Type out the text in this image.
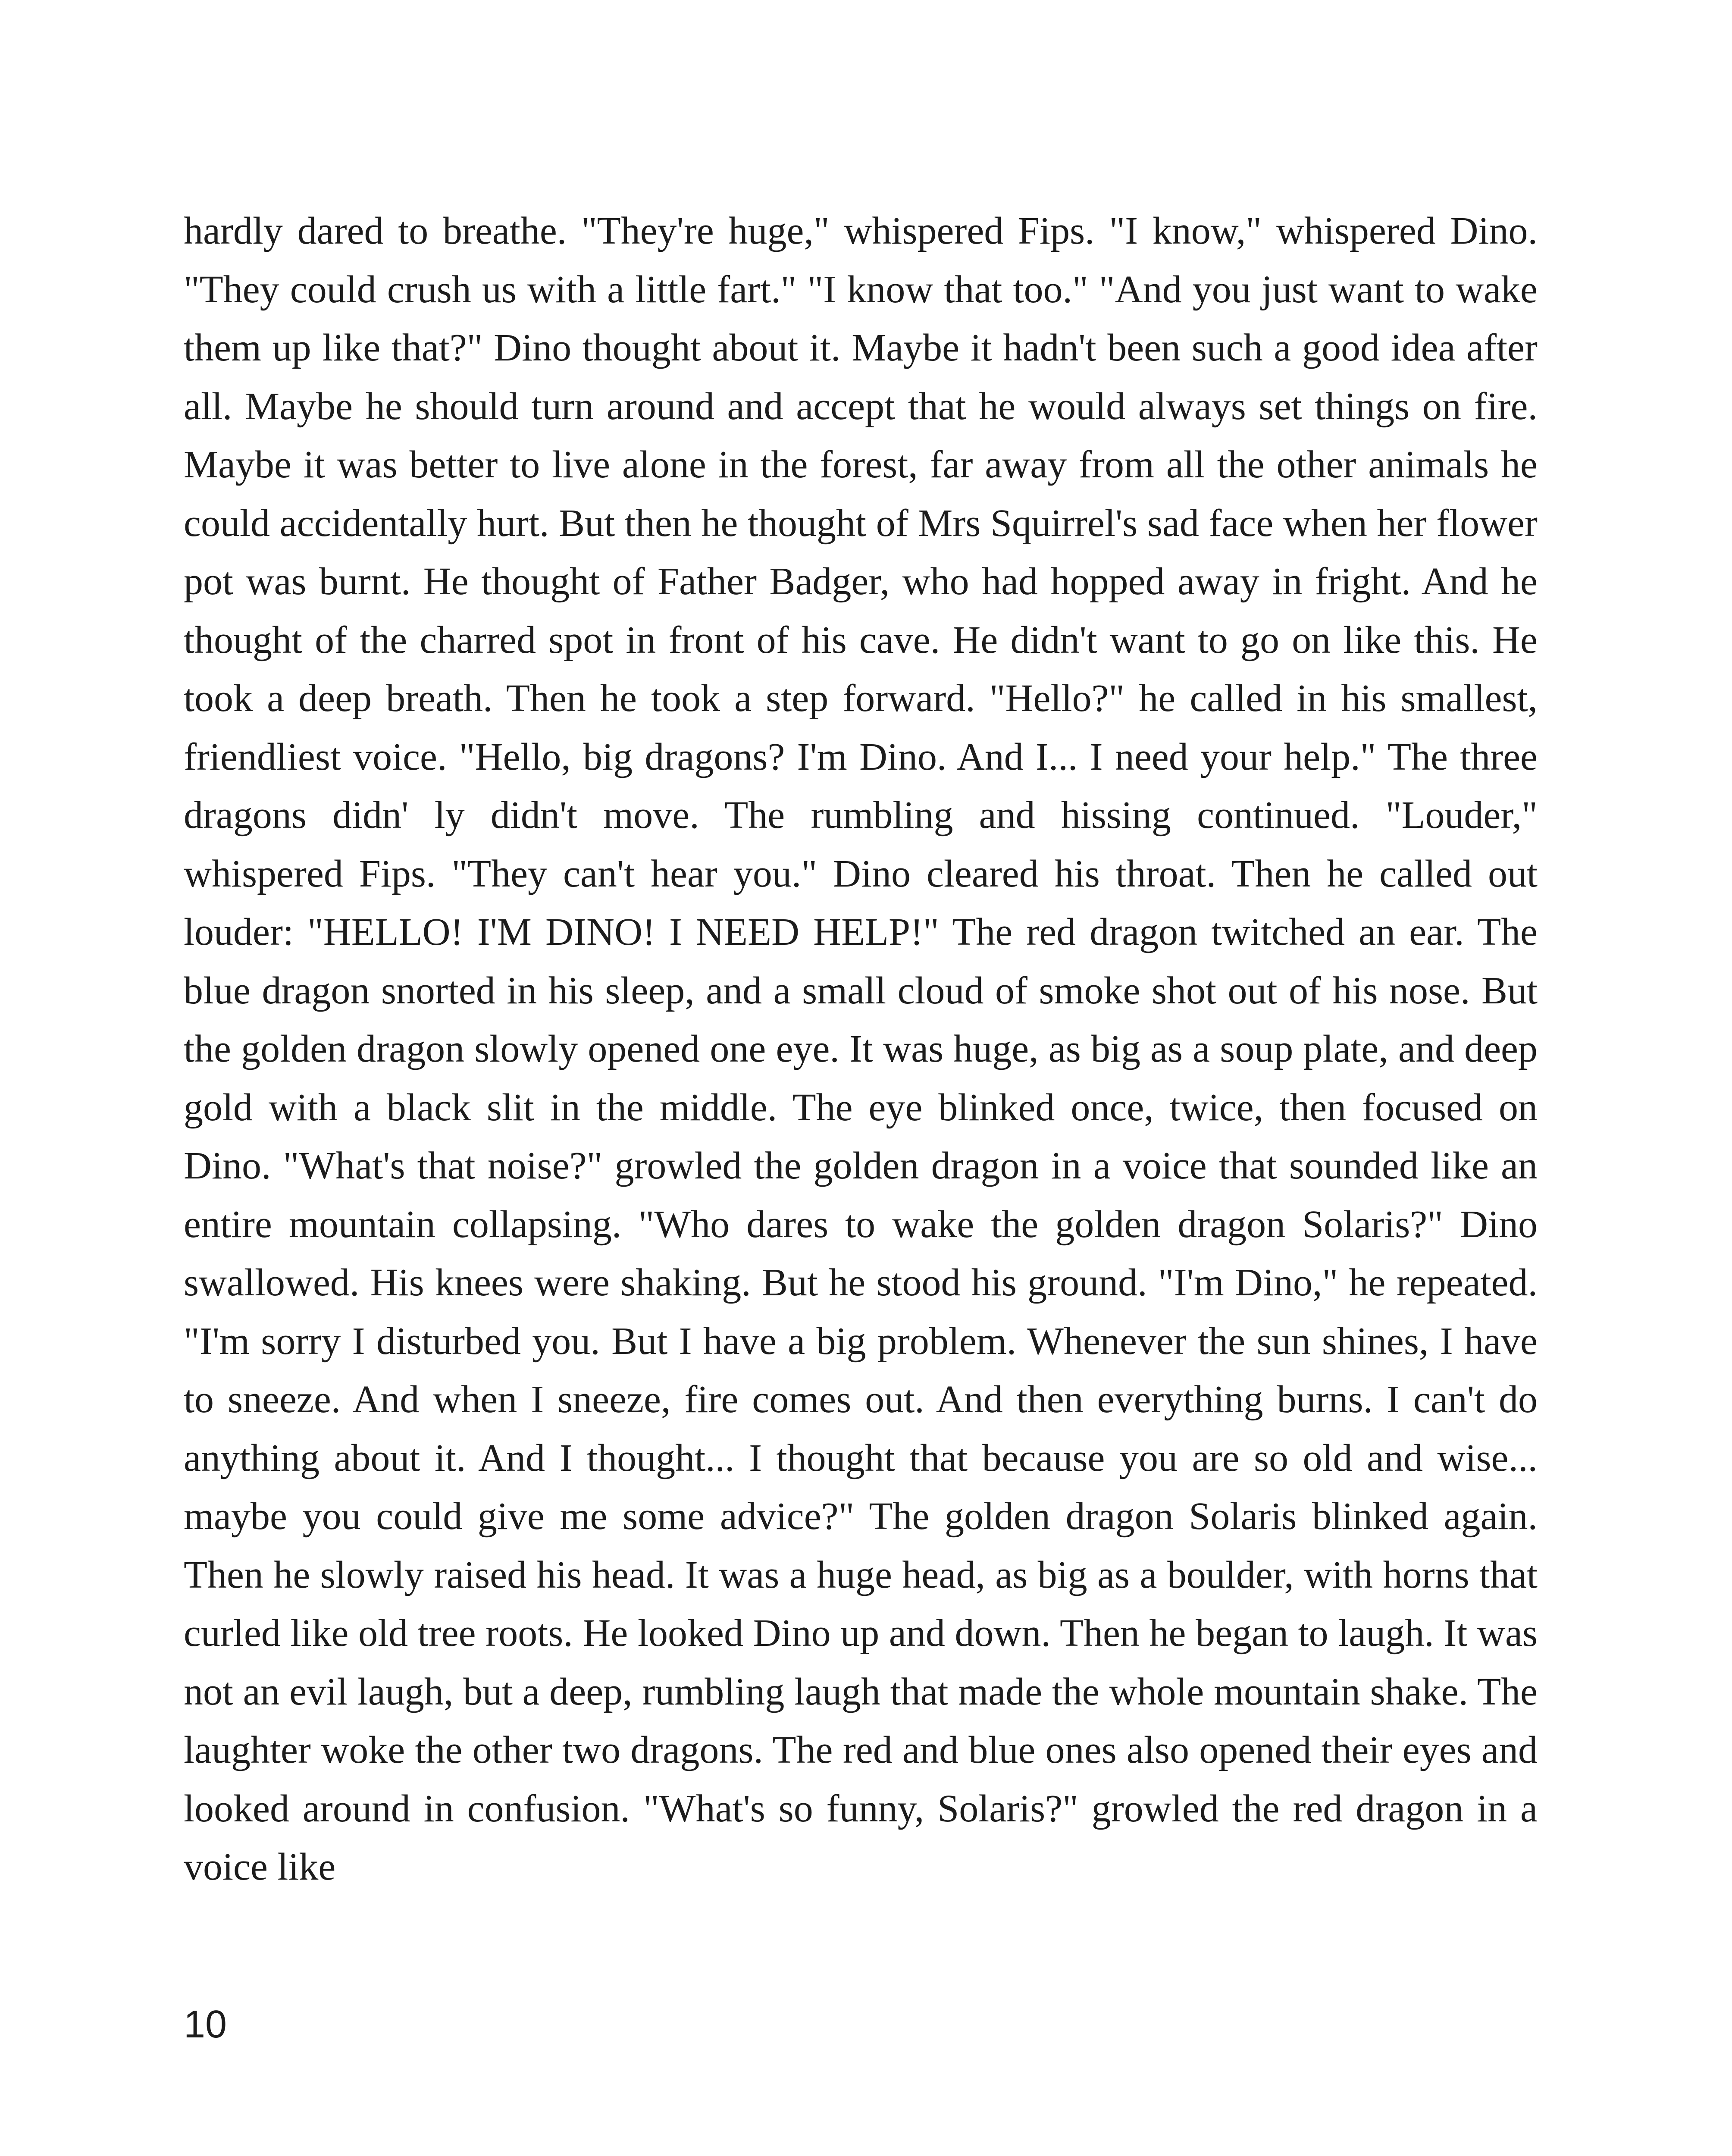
hardly dared to breathe. "They're huge," whispered Fips. "I know," whispered Dino. "They could crush us with a little fart." "I know that too." "And you just want to wake them up like that?" Dino thought about it. Maybe it hadn't been such a good idea after all. Maybe he should turn around and accept that he would always set things on fire. Maybe it was better to live alone in the forest, far away from all the other animals he could accidentally hurt. But then he thought of Mrs Squirrel's sad face when her flower pot was burnt. He thought of Father Badger, who had hopped away in fright. And he thought of the charred spot in front of his cave. He didn't want to go on like this. He took a deep breath. Then he took a step forward. "Hello?" he called in his smallest, friendliest voice. "Hello, big dragons? I'm Dino. And I... I need your help." The three dragons didn' ly didn't move. The rumbling and hissing continued. "Louder," whispered Fips. "They can't hear you." Dino cleared his throat. Then he called out louder: "HELLO! I'M DINO! I NEED HELP!" The red dragon twitched an ear. The blue dragon snorted in his sleep, and a small cloud of smoke shot out of his nose. But the golden dragon slowly opened one eye. It was huge, as big as a soup plate, and deep gold with a black slit in the middle. The eye blinked once, twice, then focused on Dino. "What's that noise?" growled the golden dragon in a voice that sounded like an entire mountain collapsing. "Who dares to wake the golden dragon Solaris?" Dino swallowed. His knees were shaking. But he stood his ground. "I'm Dino," he repeated. "I'm sorry I disturbed you. But I have a big problem. Whenever the sun shines, I have to sneeze. And when I sneeze, fire comes out. And then everything burns. I can't do anything about it. And I thought... I thought that because you are so old and wise... maybe you could give me some advice?" The golden dragon Solaris blinked again. Then he slowly raised his head. It was a huge head, as big as a boulder, with horns that curled like old tree roots. He looked Dino up and down. Then he began to laugh. It was not an evil laugh, but a deep, rumbling laugh that made the whole mountain shake. The laughter woke the other two dragons. The red and blue ones also opened their eyes and looked around in confusion. "What's so funny, Solaris?" growled the red dragon in a voice like

10
